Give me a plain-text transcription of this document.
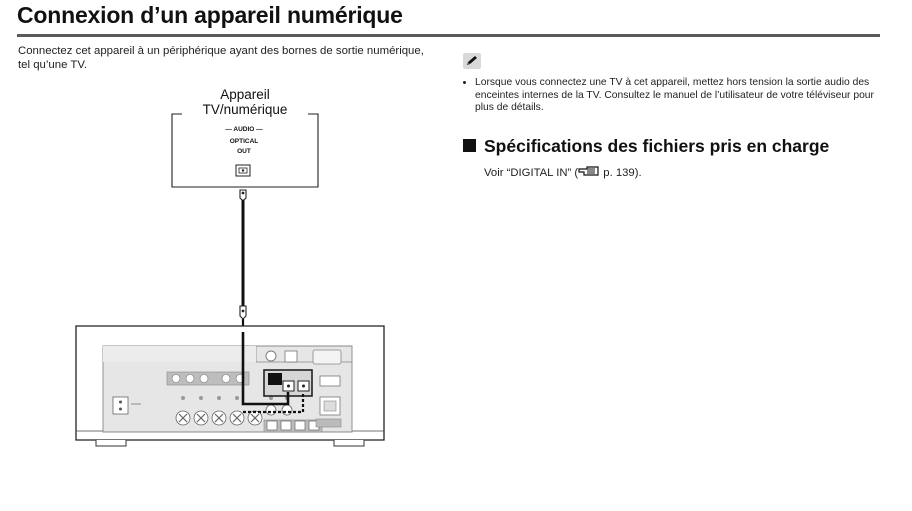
Connexion d’un appareil numérique
Connectez cet appareil à un périphérique ayant des bornes de sortie numérique, tel qu’une TV.
• Lorsque vous connectez une TV à cet appareil, mettez hors tension la sortie audio des enceintes internes de la TV. Consultez le manuel de l’utilisateur de votre téléviseur pour plus de détails.
Spécifications des fichiers pris en charge
Voir “DIGITAL IN” ( p. 139).
Appareil
TV/numérique
— AUDIO —
OPTICAL
OUT
